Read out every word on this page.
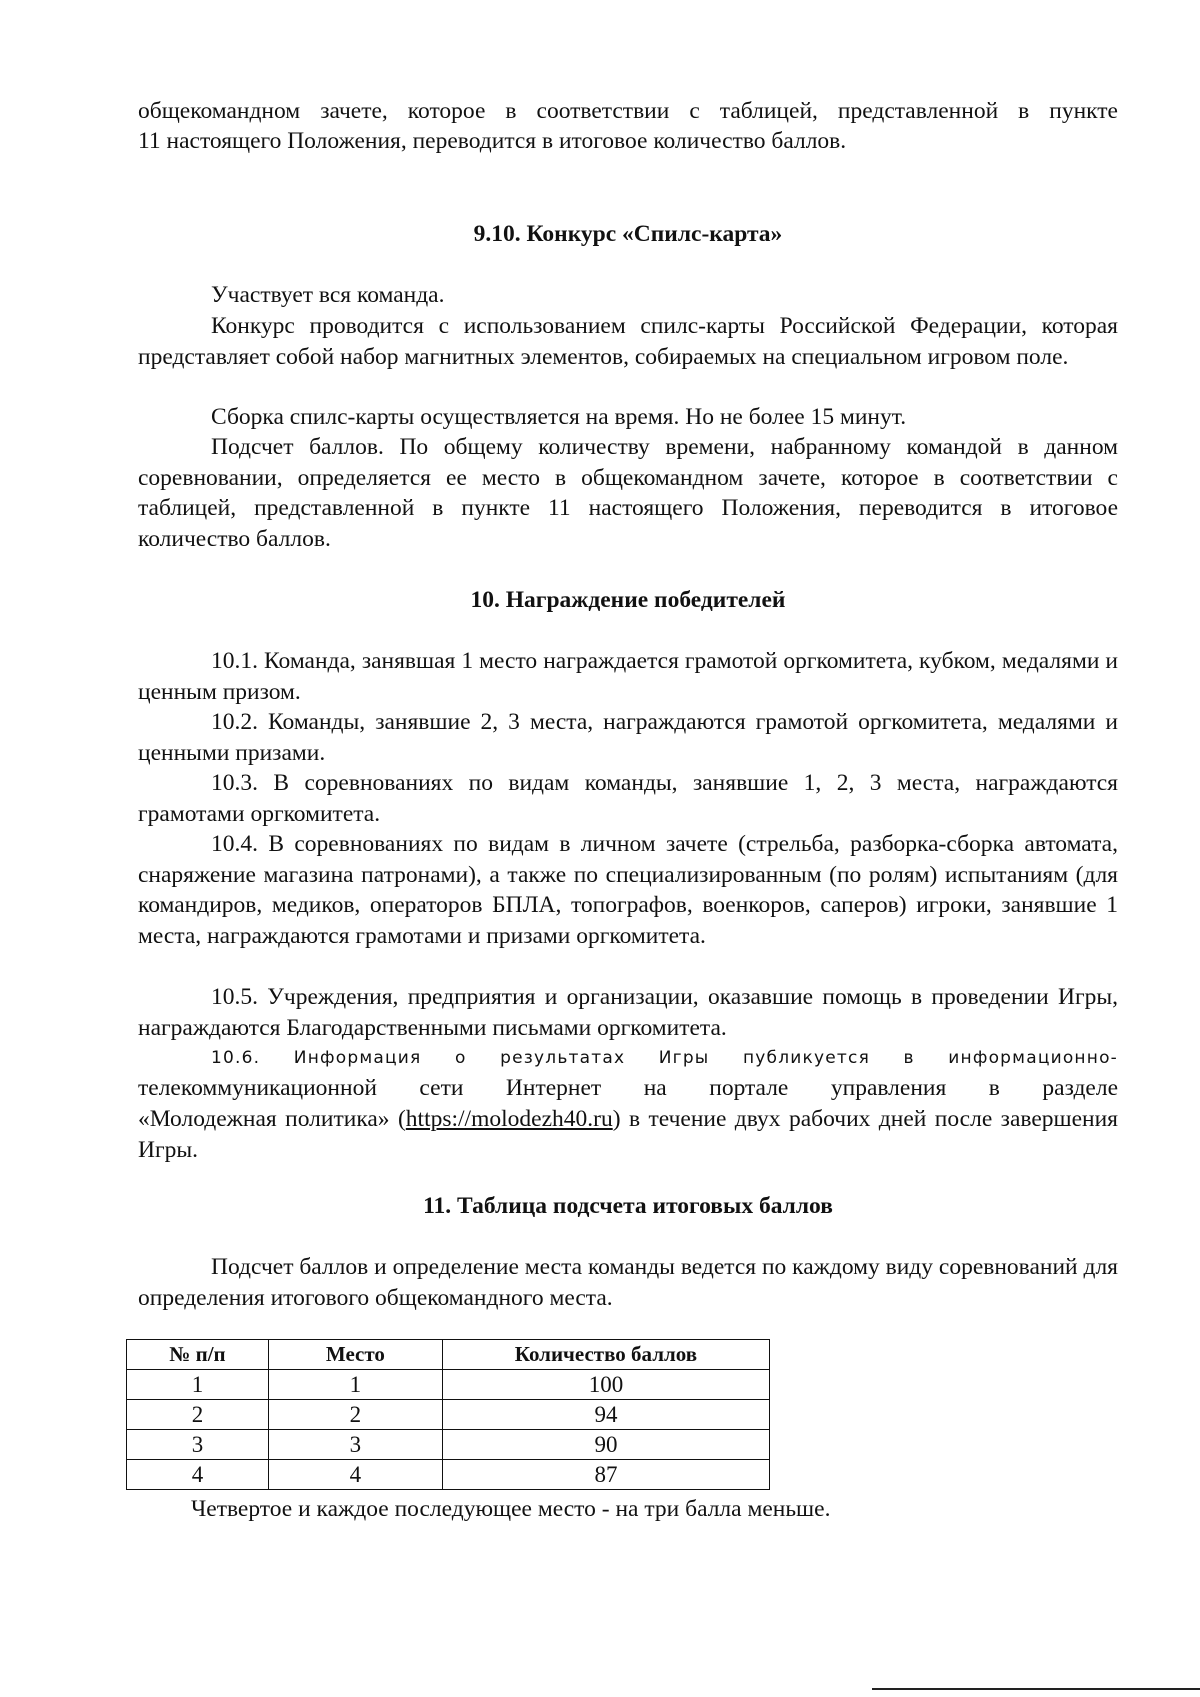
общекомандном зачете, которое в соответствии с таблицей, представленной в пункте
11 настоящего Положения, переводится в итоговое количество баллов.
9.10. Конкурс «Спилс-карта»
Участвует вся команда.
Конкурс проводится с использованием спилс-карты Российской Федерации, которая представляет собой набор магнитных элементов, собираемых на специальном игровом поле.
Сборка спилс-карты осуществляется на время. Но не более 15 минут.
Подсчет баллов. По общему количеству времени, набранному командой в данном соревновании, определяется ее место в общекомандном зачете, которое в соответствии с таблицей, представленной в пункте 11 настоящего Положения, переводится в итоговое количество баллов.
10. Награждение победителей
10.1. Команда, занявшая 1 место награждается грамотой оргкомитета, кубком, медалями и ценным призом.
10.2. Команды, занявшие 2, 3 места, награждаются грамотой оргкомитета, медалями и ценными призами.
10.3. В соревнованиях по видам команды, занявшие 1, 2, 3 места, награждаются грамотами оргкомитета.
10.4. В соревнованиях по видам в личном зачете (стрельба, разборка-сборка автомата, снаряжение магазина патронами), а также по специализированным (по ролям) испытаниям (для командиров, медиков, операторов БПЛА, топографов, военкоров, саперов) игроки, занявшие 1 места, награждаются грамотами и призами оргкомитета.
10.5. Учреждения, предприятия и организации, оказавшие помощь в проведении Игры, награждаются Благодарственными письмами оргкомитета.
10.6. Информация о результатах Игры публикуется в информационно-
телекоммуникационной сети Интернет на портале управления в разделе
«Молодежная политика» (https://molodezh40.ru) в течение двух рабочих дней после завершения Игры.
11. Таблица подсчета итоговых баллов
Подсчет баллов и определение места команды ведется по каждому виду соревнований для определения итогового общекомандного места.
№ п/п	Место	Количество баллов
1	1	100
2	2	94
3	3	90
4	4	87
Четвертое и каждое последующее место - на три балла меньше.
